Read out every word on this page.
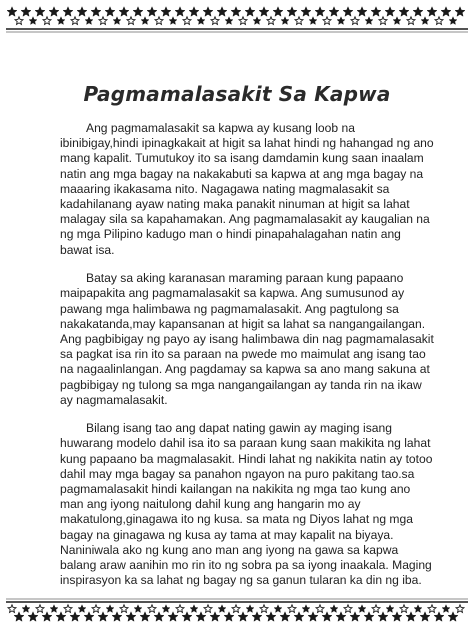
Pagmamalasakit Sa Kapwa

Ang pagmamalasakit sa kapwa ay kusang loob na ibinibigay,hindi ipinagkakait at higit sa lahat hindi ng hahangad ng ano mang kapalit. Tumutukoy ito sa isang damdamin kung saan inaalam natin ang mga bagay na nakakabuti sa kapwa at ang mga bagay na maaaring ikakasama nito. Nagagawa nating magmalasakit sa kadahilanang ayaw nating maka panakit ninuman at higit sa lahat malagay sila sa kapahamakan. Ang pagmamalasakit ay kaugalian na ng mga Pilipino kadugo man o hindi pinapahalagahan natin ang bawat isa.

Batay sa aking karanasan maraming paraan kung papaano maipapakita ang pagmamalasakit sa kapwa. Ang sumusunod ay pawang mga halimbawa ng pagmamalasakit. Ang pagtulong sa nakakatanda,may kapansanan at higit sa lahat sa nangangailangan. Ang pagbibigay ng payo ay isang halimbawa din nag pagmamalasakit sa pagkat isa rin ito sa paraan na pwede mo maimulat ang isang tao na nagaalinlangan. Ang pagdamay sa kapwa sa ano mang sakuna at pagbibigay ng tulong sa mga nangangailangan ay tanda rin na ikaw ay nagmamalasakit.

Bilang isang tao ang dapat nating gawin ay maging isang huwarang modelo dahil isa ito sa paraan kung saan makikita ng lahat kung papaano ba magmalasakit. Hindi lahat ng nakikita natin ay totoo dahil may mga bagay sa panahon ngayon na puro pakitang tao.sa pagmamalasakit hindi kailangan na nakikita ng mga tao kung ano man ang iyong naitulong dahil kung ang hangarin mo ay makatulong,ginagawa ito ng kusa. sa mata ng Diyos lahat ng mga bagay na ginagawa ng kusa ay tama at may kapalit na biyaya. Naniniwala ako ng kung ano man ang iyong na gawa sa kapwa balang araw aanihin mo rin ito ng sobra pa sa iyong inaakala. Maging inspirasyon ka sa lahat ng bagay ng sa ganun tularan ka din ng iba.
